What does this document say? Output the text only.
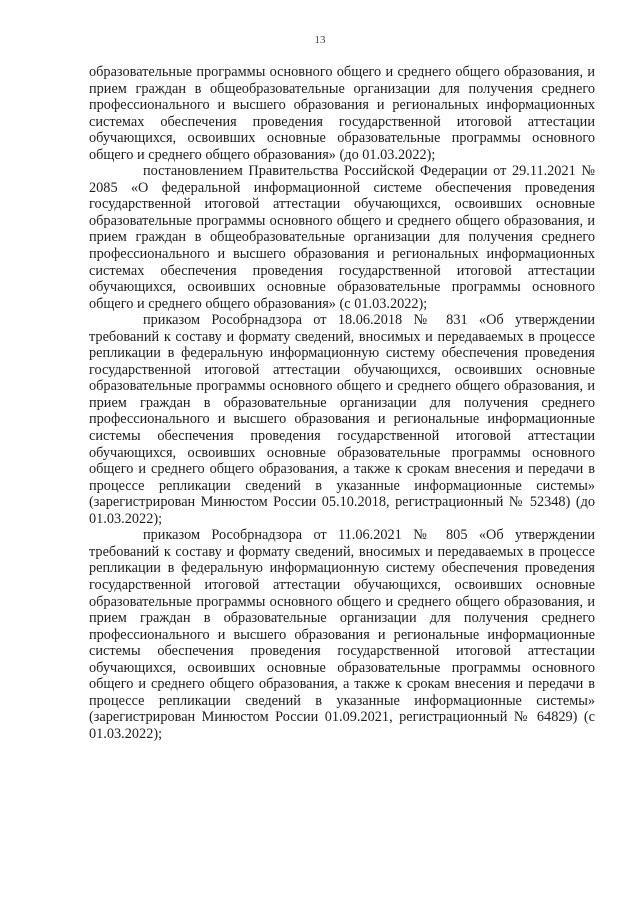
13

образовательные программы основного общего и среднего общего образования, и прием граждан в общеобразовательные организации для получения среднего профессионального и высшего образования и региональных информационных системах обеспечения проведения государственной итоговой аттестации обучающихся, освоивших основные образовательные программы основного общего и среднего общего образования» (до 01.03.2022);

постановлением Правительства Российской Федерации от 29.11.2021 № 2085 «О федеральной информационной системе обеспечения проведения государственной итоговой аттестации обучающихся, освоивших основные образовательные программы основного общего и среднего общего образования, и прием граждан в общеобразовательные организации для получения среднего профессионального и высшего образования и региональных информационных системах обеспечения проведения государственной итоговой аттестации обучающихся, освоивших основные образовательные программы основного общего и среднего общего образования» (с 01.03.2022);

приказом Рособрнадзора от 18.06.2018 № 831 «Об утверждении требований к составу и формату сведений, вносимых и передаваемых в процессе репликации в федеральную информационную систему обеспечения проведения государственной итоговой аттестации обучающихся, освоивших основные образовательные программы основного общего и среднего общего образования, и прием граждан в образовательные организации для получения среднего профессионального и высшего образования и региональные информационные системы обеспечения проведения государственной итоговой аттестации обучающихся, освоивших основные образовательные программы основного общего и среднего общего образования, а также к срокам внесения и передачи в процессе репликации сведений в указанные информационные системы» (зарегистрирован Минюстом России 05.10.2018, регистрационный № 52348) (до 01.03.2022);

приказом Рособрнадзора от 11.06.2021 № 805 «Об утверждении требований к составу и формату сведений, вносимых и передаваемых в процессе репликации в федеральную информационную систему обеспечения проведения государственной итоговой аттестации обучающихся, освоивших основные образовательные программы основного общего и среднего общего образования, и прием граждан в образовательные организации для получения среднего профессионального и высшего образования и региональные информационные системы обеспечения проведения государственной итоговой аттестации обучающихся, освоивших основные образовательные программы основного общего и среднего общего образования, а также к срокам внесения и передачи в процессе репликации сведений в указанные информационные системы» (зарегистрирован Минюстом России 01.09.2021, регистрационный № 64829) (с 01.03.2022);
